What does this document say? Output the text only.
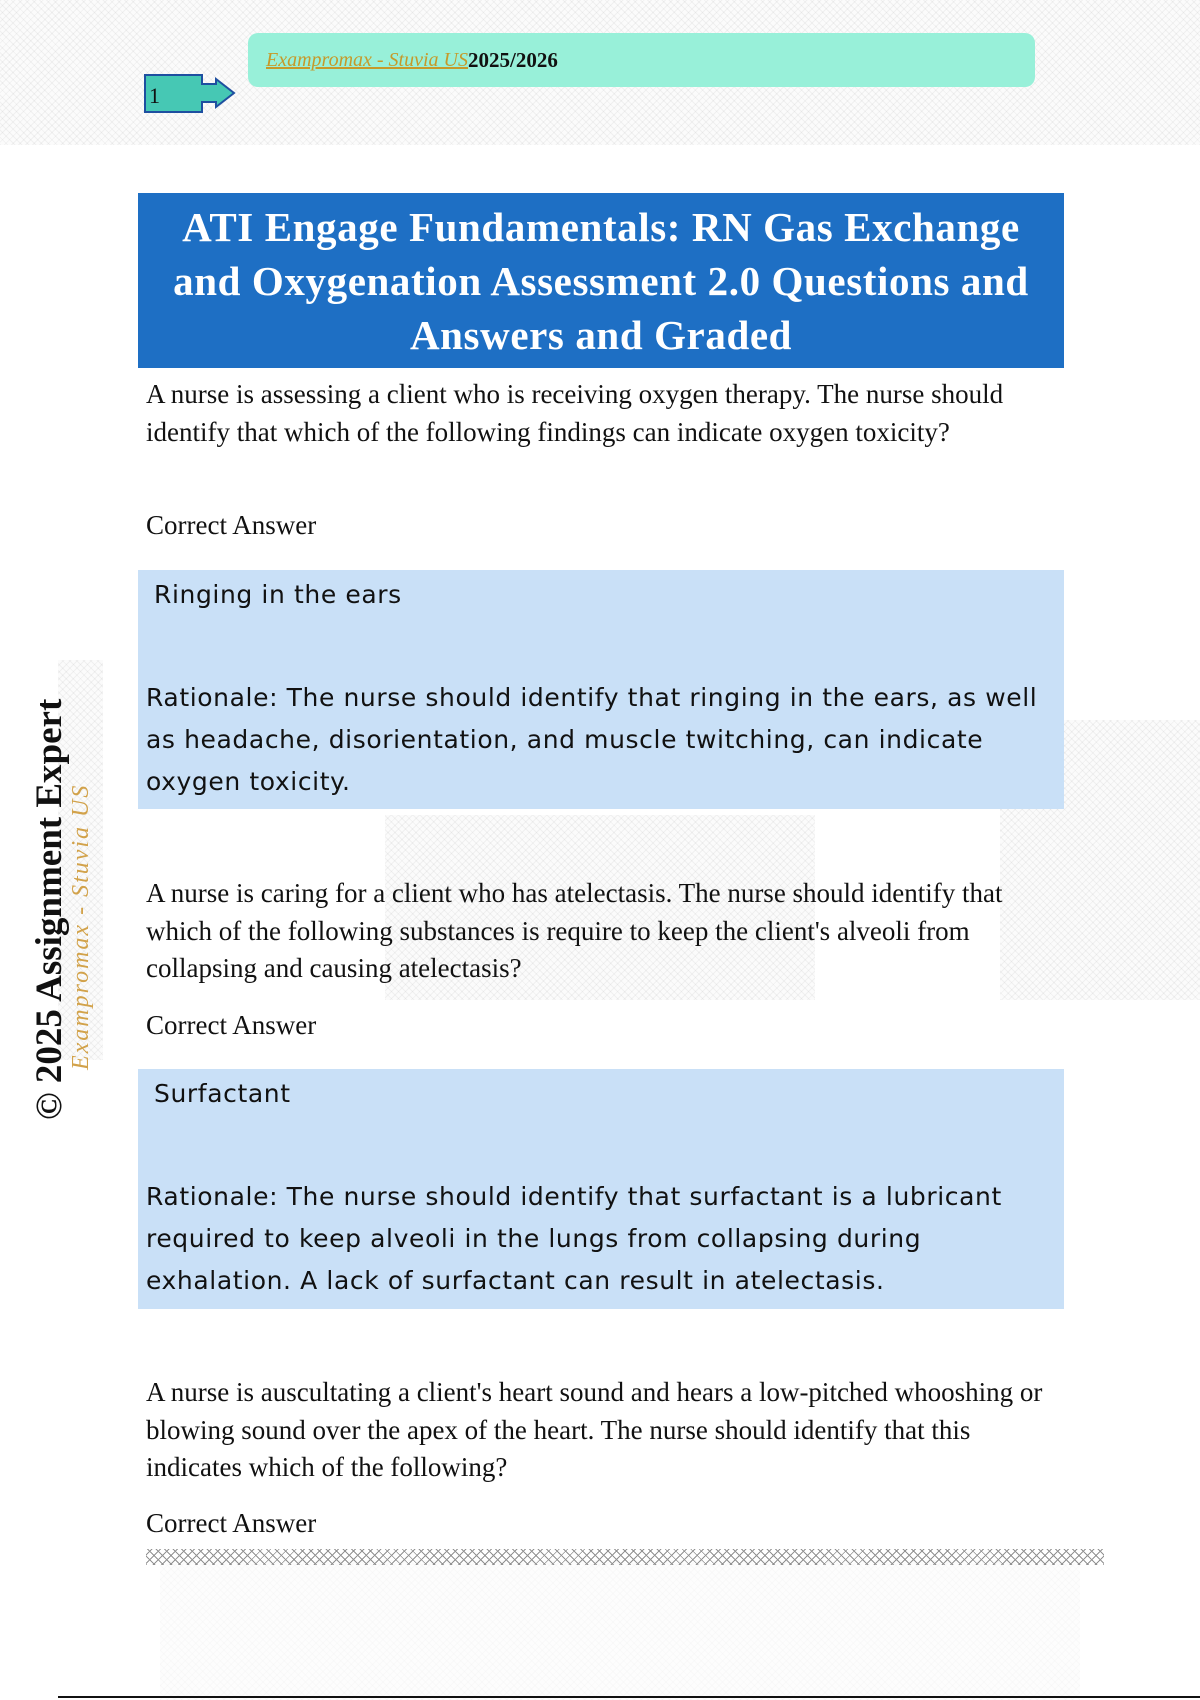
1
Exampromax - Stuvia US 2025/2026
ATI Engage Fundamentals: RN Gas Exchange and Oxygenation Assessment 2.0 Questions and Answers and Graded
A nurse is assessing a client who is receiving oxygen therapy. The nurse should identify that which of the following findings can indicate oxygen toxicity?
Correct Answer
Ringing in the ears
Rationale: The nurse should identify that ringing in the ears, as well as headache, disorientation, and muscle twitching, can indicate oxygen toxicity.
A nurse is caring for a client who has atelectasis. The nurse should identify that which of the following substances is require to keep the client's alveoli from collapsing and causing atelectasis?
Correct Answer
Surfactant
Rationale: The nurse should identify that surfactant is a lubricant required to keep alveoli in the lungs from collapsing during exhalation. A lack of surfactant can result in atelectasis.
A nurse is auscultating a client's heart sound and hears a low-pitched whooshing or blowing sound over the apex of the heart. The nurse should identify that this indicates which of the following?
Correct Answer
© 2025 Assignment Expert
Exampromax - Stuvia US
